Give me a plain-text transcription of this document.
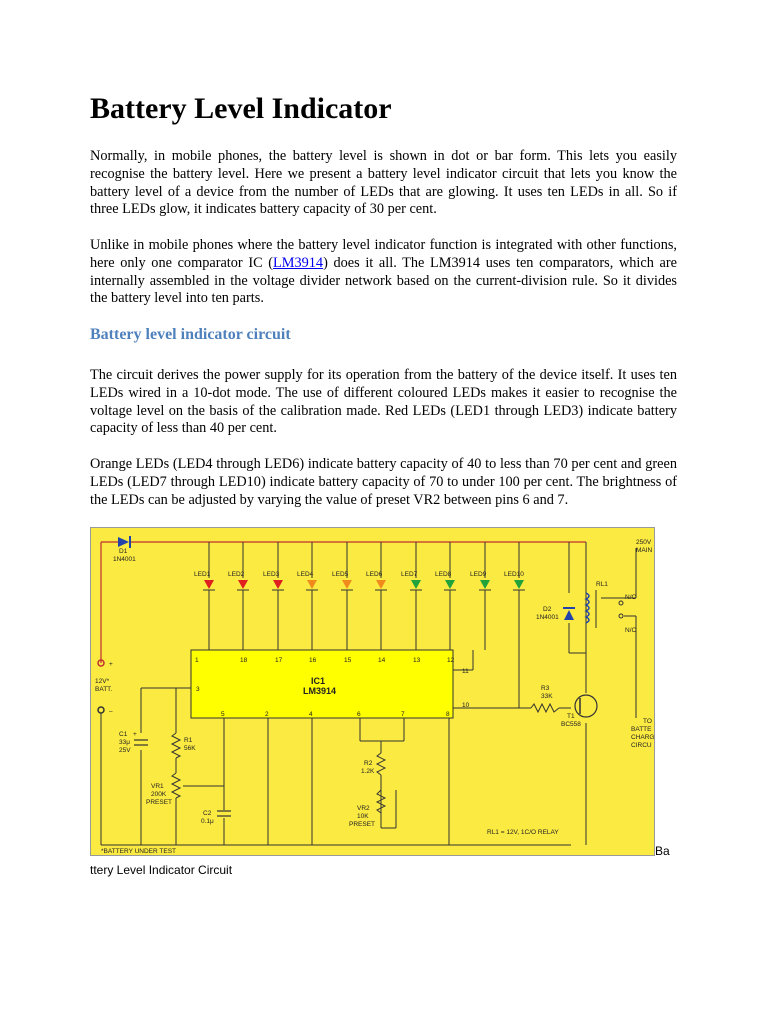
Battery Level Indicator

Normally, in mobile phones, the battery level is shown in dot or bar form. This lets you easily recognise the battery level. Here we present a battery level indicator circuit that lets you know the battery level of a device from the number of LEDs that are glowing. It uses ten LEDs in all. So if three LEDs glow, it indicates battery capacity of 30 per cent.

Unlike in mobile phones where the battery level indicator function is integrated with other functions, here only one comparator IC (LM3914) does it all. The LM3914 uses ten comparators, which are internally assembled in the voltage divider network based on the current-division rule. So it divides the battery level into ten parts.

Battery level indicator circuit

The circuit derives the power supply for its operation from the battery of the device itself. It uses ten LEDs wired in a 10-dot mode. The use of different coloured LEDs makes it easier to recognise the voltage level on the basis of the calibration made. Red LEDs (LED1 through LED3) indicate battery capacity of less than 40 per cent.

Orange LEDs (LED4 through LED6) indicate battery capacity of 40 to less than 70 per cent and green LEDs (LED7 through LED10) indicate battery capacity of 70 to under 100 per cent. The brightness of the LEDs can be adjusted by varying the value of preset VR2 between pins 6 and 7.

LED1	LED2	LED3	LED4	LED5	LED6	LED7	LED8	LED9	LED10
D1
1N4001
1	18	17	16	15	14	13	12
11
10
3
5	2	4	6	7	8
+
–
12V*
BATT.
C1
33μ
25V
+
R1
56K
VR1
200K
PRESET
C2
0.1μ
R2
1.2K
VR2
10K
PRESET
D2
1N4001
RL1
N/O
N/C
250V
MAIN
R3
33K
T1
BC558	TO
BATTE
CHARG
CIRCU
RL1 = 12V, 1C/O RELAY
*BATTERY UNDER TEST
IC1
LM3914
Ba
ttery Level Indicator Circuit
